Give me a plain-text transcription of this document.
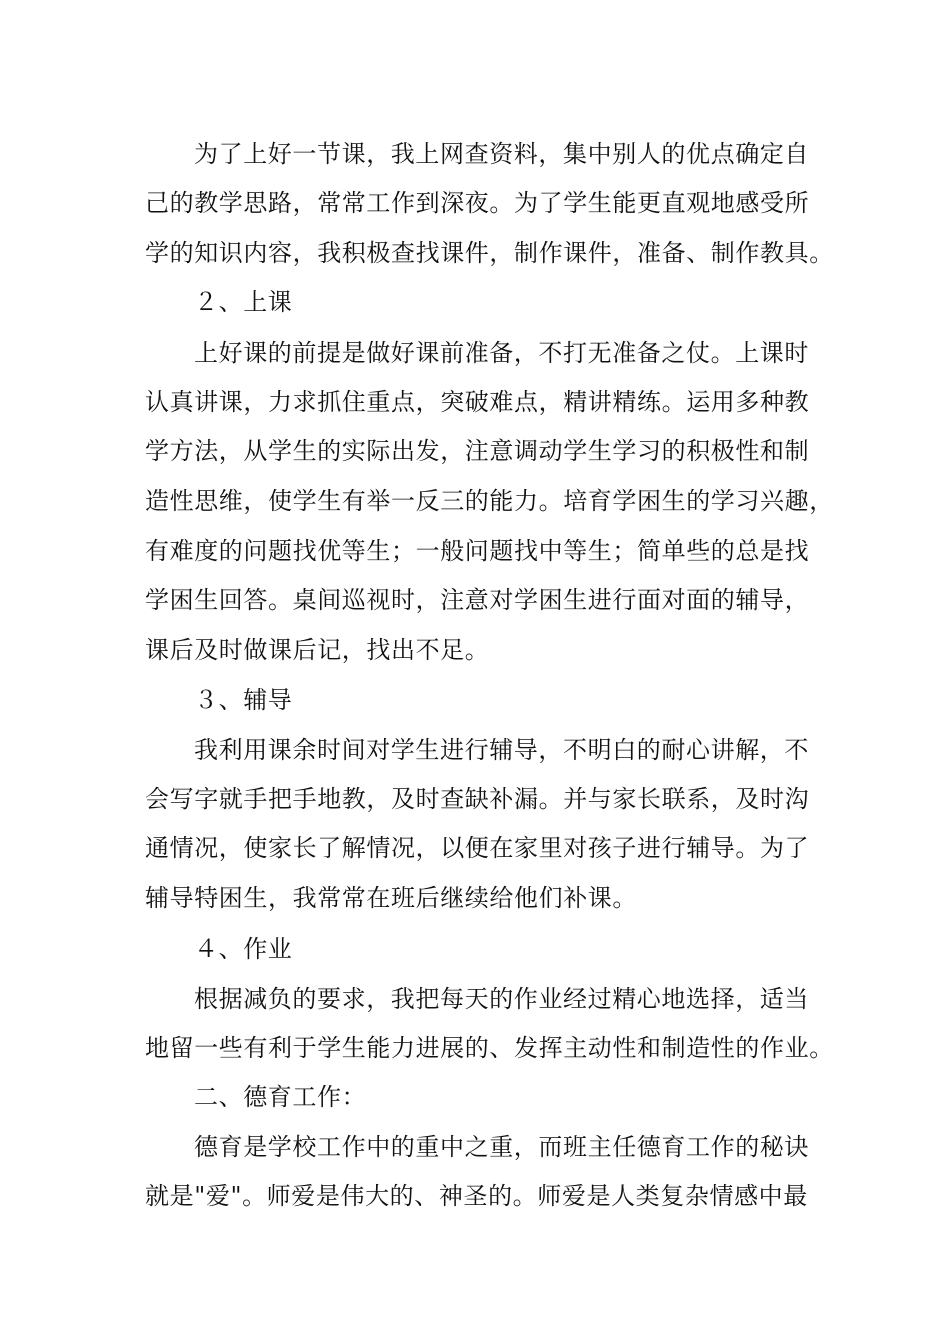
为了上好一节课，我上网查资料，集中别人的优点确定自
己的教学思路，常常工作到深夜。为了学生能更直观地感受所
学的知识内容，我积极查找课件，制作课件，准备、制作教具。
２、上课
上好课的前提是做好课前准备，不打无准备之仗。上课时
认真讲课，力求抓住重点，突破难点，精讲精练。运用多种教
学方法，从学生的实际出发，注意调动学生学习的积极性和制
造性思维，使学生有举一反三的能力。培育学困生的学习兴趣，
有难度的问题找优等生；一般问题找中等生；简单些的总是找
学困生回答。桌间巡视时，注意对学困生进行面对面的辅导，
课后及时做课后记，找出不足。
３、辅导
我利用课余时间对学生进行辅导，不明白的耐心讲解，不
会写字就手把手地教，及时查缺补漏。并与家长联系，及时沟
通情况，使家长了解情况，以便在家里对孩子进行辅导。为了
辅导特困生，我常常在班后继续给他们补课。
４、作业
根据减负的要求，我把每天的作业经过精心地选择，适当
地留一些有利于学生能力进展的、发挥主动性和制造性的作业。
二、德育工作：
德育是学校工作中的重中之重，而班主任德育工作的秘诀
就是"爱"。师爱是伟大的、神圣的。师爱是人类复杂情感中最
